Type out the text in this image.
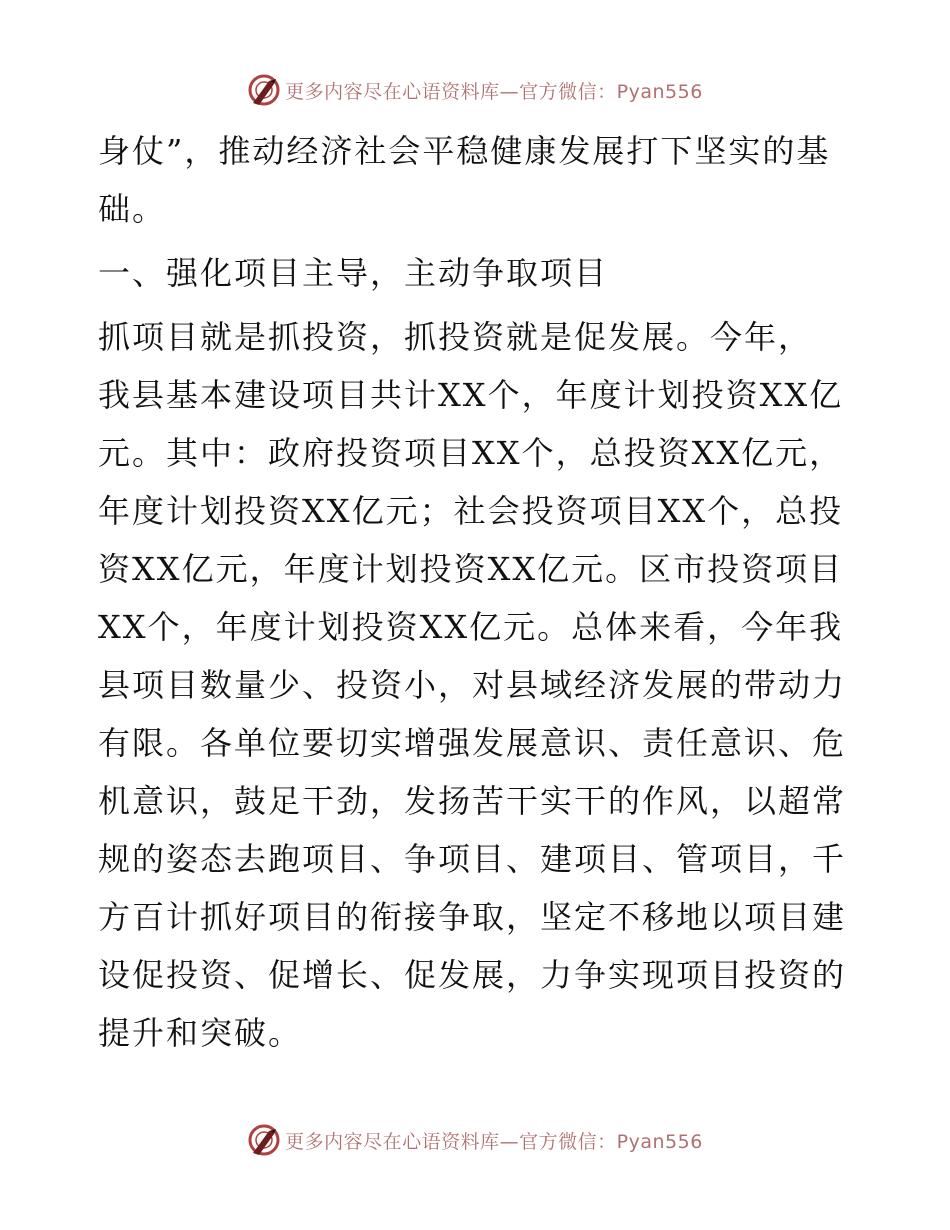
更多内容尽在心语资料库—官方微信：Pyan556
身仗”，推动经济社会平稳健康发展打下坚实的基
础。
一、强化项目主导，主动争取项目
抓项目就是抓投资，抓投资就是促发展。今年，
我县基本建设项目共计XX个，年度计划投资XX亿
元。其中：政府投资项目XX个，总投资XX亿元，
年度计划投资XX亿元；社会投资项目XX个，总投
资XX亿元，年度计划投资XX亿元。区市投资项目
XX个，年度计划投资XX亿元。总体来看，今年我
县项目数量少、投资小，对县域经济发展的带动力
有限。各单位要切实增强发展意识、责任意识、危
机意识，鼓足干劲，发扬苦干实干的作风，以超常
规的姿态去跑项目、争项目、建项目、管项目，千
方百计抓好项目的衔接争取，坚定不移地以项目建
设促投资、促增长、促发展，力争实现项目投资的
提升和突破。
更多内容尽在心语资料库—官方微信：Pyan556
